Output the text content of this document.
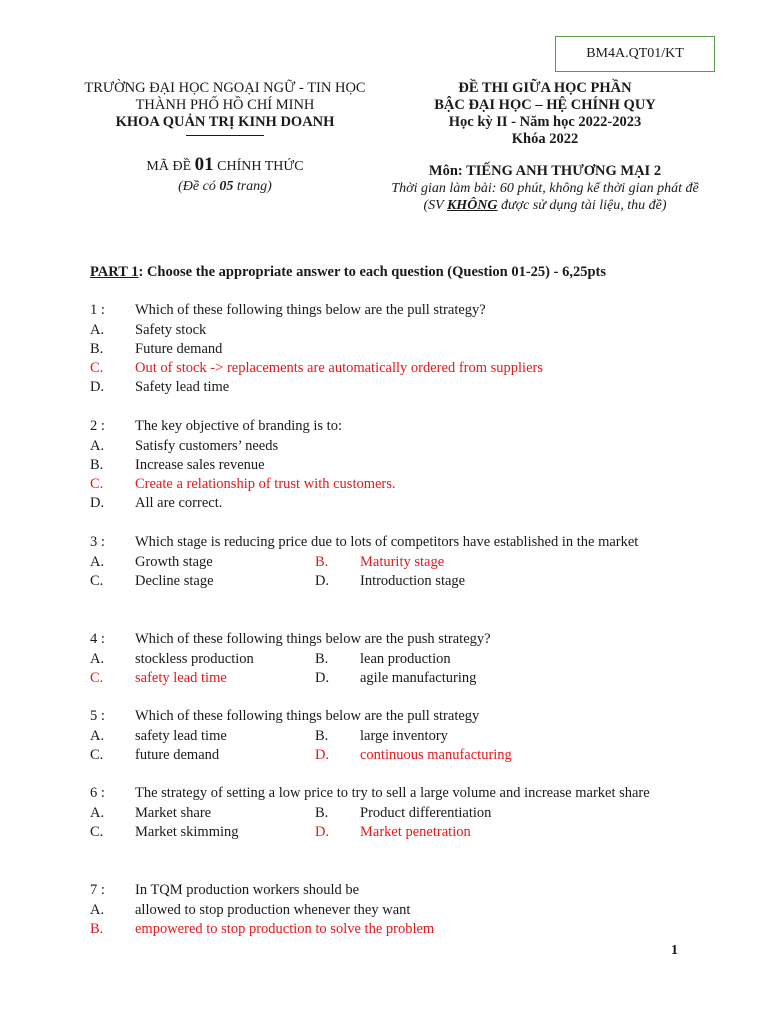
BM4A.QT01/KT
TRƯỜNG ĐẠI HỌC NGOẠI NGỮ - TIN HỌC
THÀNH PHỐ HỒ CHÍ MINH
KHOA QUẢN TRỊ KINH DOANH
MÃ ĐỀ 01 CHÍNH THỨC
(Đề có 05 trang)
ĐỀ THI GIỮA HỌC PHẦN
BẬC ĐẠI HỌC – HỆ CHÍNH QUY
Học kỳ II - Năm học 2022-2023
Khóa 2022
Môn: TIẾNG ANH THƯƠNG MẠI 2
Thời gian làm bài: 60 phút, không kể thời gian phát đề
(SV KHÔNG được sử dụng tài liệu, thu đề)
PART 1: Choose the appropriate answer to each question (Question 01-25) - 6,25pts
1 : Which of these following things below are the pull strategy?
A. Safety stock
B. Future demand
C. Out of stock -> replacements are automatically ordered from suppliers
D. Safety lead time
2 : The key objective of branding is to:
A. Satisfy customers’ needs
B. Increase sales revenue
C. Create a relationship of trust with customers.
D. All are correct.
3 : Which stage is reducing price due to lots of competitors have established in the market
A. Growth stage	B. Maturity stage
C. Decline stage	D. Introduction stage
4 : Which of these following things below are the push strategy?
A. stockless production	B. lean production
C. safety lead time	D. agile manufacturing
5 : Which of these following things below are the pull strategy
A. safety lead time	B. large inventory
C. future demand	D. continuous manufacturing
6 : The strategy of setting a low price to try to sell a large volume and increase market share
A. Market share	B. Product differentiation
C. Market skimming	D. Market penetration
7 : In TQM production workers should be
A. allowed to stop production whenever they want
B. empowered to stop production to solve the problem
1
